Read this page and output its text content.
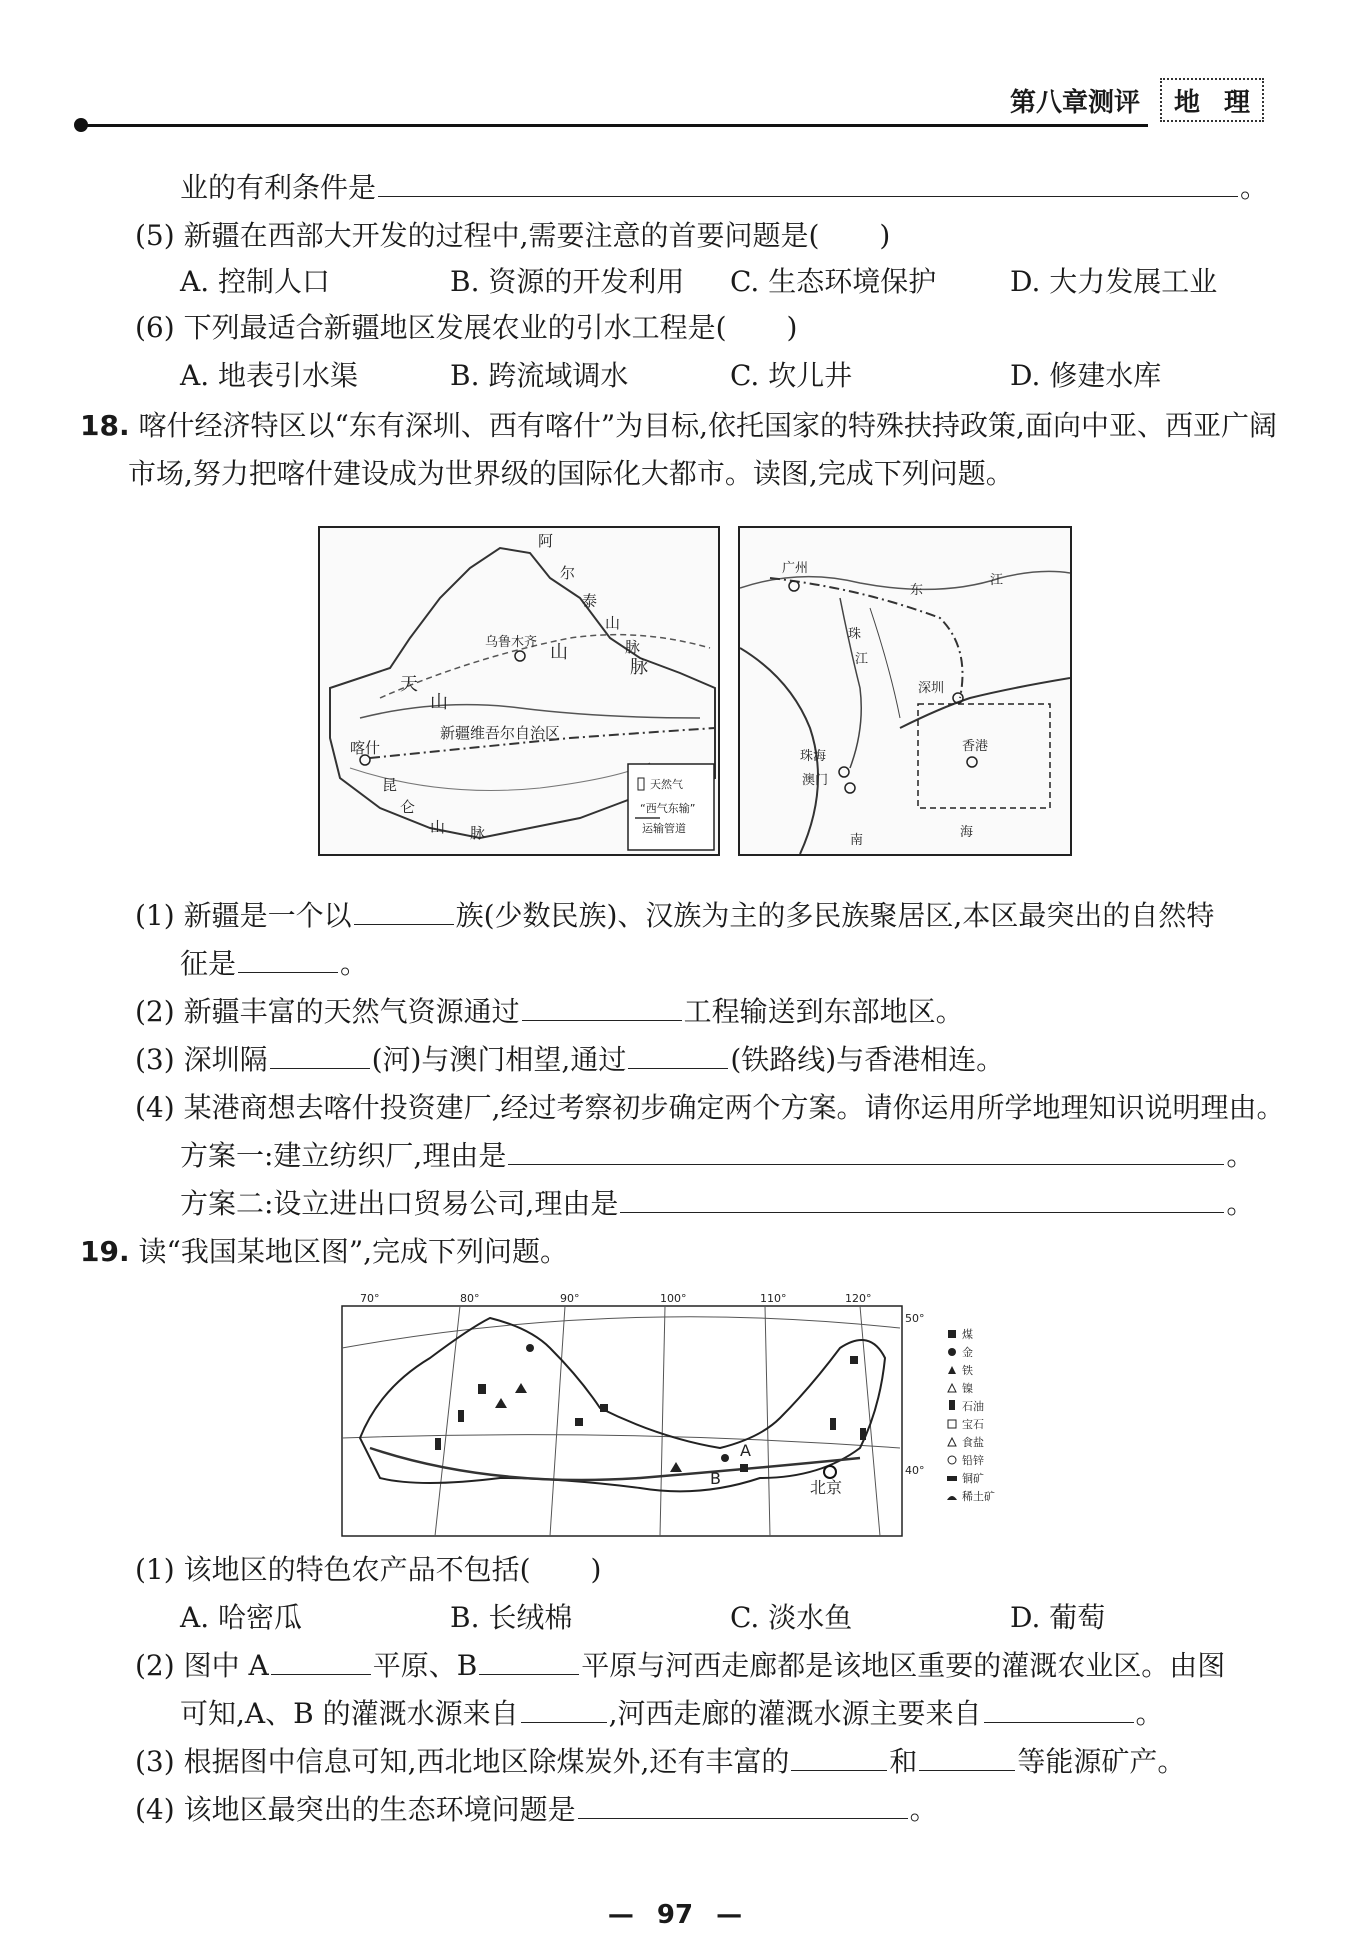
第八章测评 地 理
业的有利条件是	。
(5) 新疆在西部大开发的过程中,需要注意的首要问题是( )
A. 控制人口	B. 资源的开发利用 C. 生态环境保护	D. 大力发展工业
(6) 下列最适合新疆地区发展农业的引水工程是( )
A. 地表引水渠	B. 跨流域调水	C. 坎儿井	D. 修建水库
18. 喀什经济特区以“东有深圳、西有喀什”为目标,依托国家的特殊扶持政策,面向中亚、西亚广阔
市场,努力把喀什建设成为世界级的国际化大都市。读图,完成下列问题。
阿
尔
泰
山
脉
乌鲁木齐
天
山
山
脉
新疆维吾尔自治区
喀什
昆
仑
山 脉
天然气
“西气东输”
运输管道
广州
东
江
珠
江
深圳
珠海
澳门
香港
南
海
(1) 新疆是一个以	族(少数民族)、汉族为主的多民族聚居区,本区最突出的自然特
征是	。
(2) 新疆丰富的天然气资源通过	工程输送到东部地区。
(3) 深圳隔	(河)与澳门相望,通过	(铁路线)与香港相连。
(4) 某港商想去喀什投资建厂,经过考察初步确定两个方案。请你运用所学地理知识说明理由。
方案一:建立纺织厂,理由是	。
方案二:设立进出口贸易公司,理由是	。
19. 读“我国某地区图”,完成下列问题。
70°	80°	90°	100°	110°	120°
50°
40°
A
B	北京
煤
金
铁
镍
石油
宝石
食盐
铅锌
铜矿
稀土矿
(1) 该地区的特色农产品不包括( )
A. 哈密瓜	B. 长绒棉	C. 淡水鱼	D. 葡萄
(2) 图中 A	平原、B	平原与河西走廊都是该地区重要的灌溉农业区。由图
可知,A、B 的灌溉水源来自	,河西走廊的灌溉水源主要来自	。
(3) 根据图中信息可知,西北地区除煤炭外,还有丰富的	和	等能源矿产。
(4) 该地区最突出的生态环境问题是	。
— 97 —
